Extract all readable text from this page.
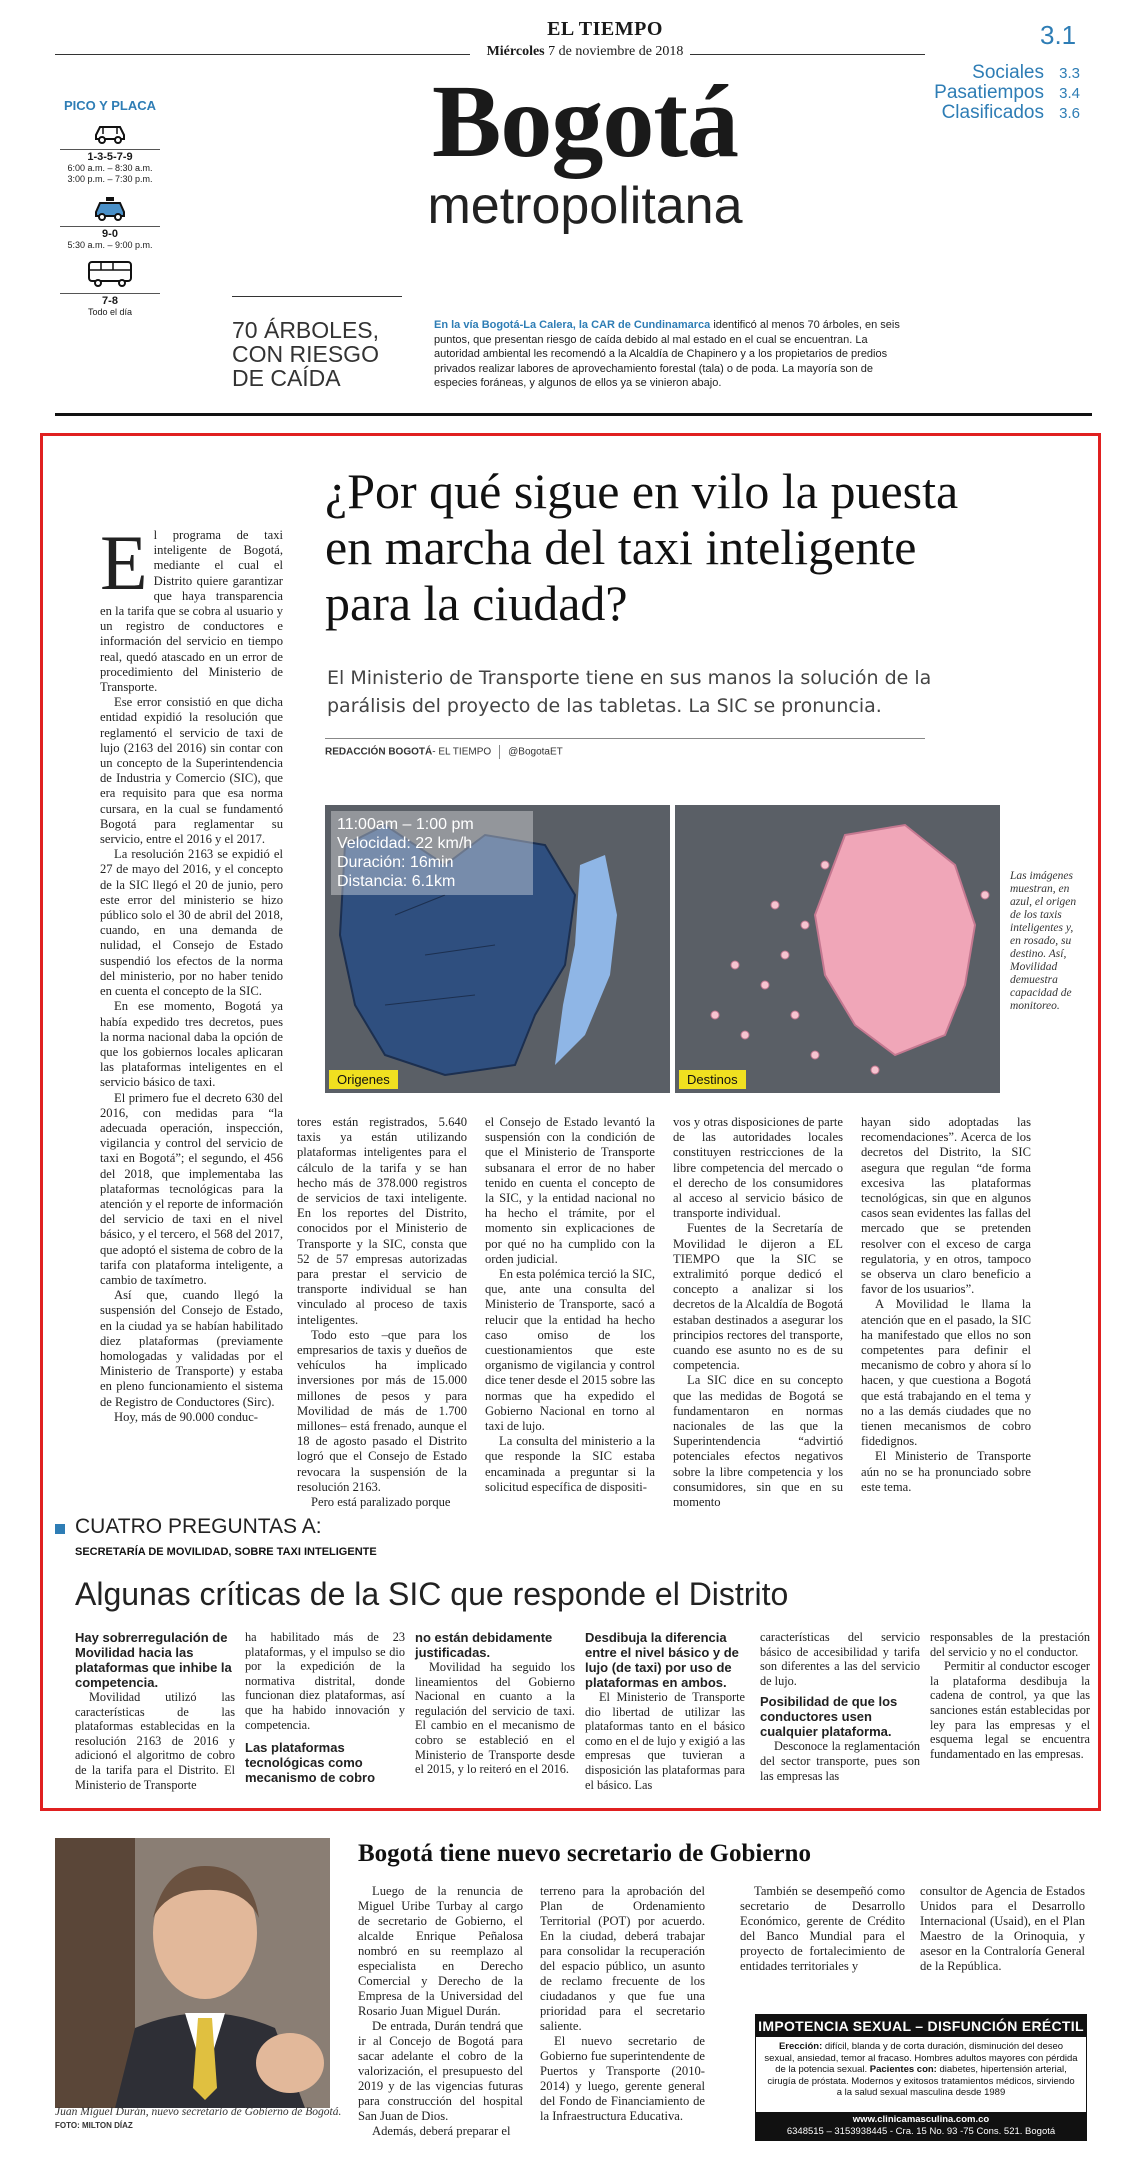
EL TIEMPO
Miércoles 7 de noviembre de 2018
3.1
Sociales	3.3
Pasatiempos	3.4
Clasificados	3.6
Bogotá
metropolitana
PICO Y PLACA
1-3-5-7-9
6:00 a.m. – 8:30 a.m.
3:00 p.m. – 7:30 p.m.
9-0
5:30 a.m. – 9:00 p.m.
7-8
Todo el día
70 ÁRBOLES, CON RIESGO DE CAÍDA
En la vía Bogotá-La Calera, la CAR de Cundinamarca identificó al menos 70 árboles, en seis puntos, que presentan riesgo de caída debido al mal estado en el cual se encuentran. La autoridad ambiental les recomendó a la Alcaldía de Chapinero y a los propietarios de predios privados realizar labores de aprovechamiento forestal (tala) o de poda. La mayoría son de especies foráneas, y algunos de ellos ya se vinieron abajo.
¿Por qué sigue en vilo la puesta en marcha del taxi inteligente para la ciudad?
El Ministerio de Transporte tiene en sus manos la solución de la parálisis del proyecto de las tabletas. La SIC se pronuncia.
REDACCIÓN BOGOTÁ- EL TIEMPO @BogotaET

El programa de taxi inteligente de Bogotá, mediante el cual el Distrito quiere garantizar que haya transparencia en la tarifa que se cobra al usuario y un registro de conductores e información del servicio en tiempo real, quedó atascado en un error de procedimiento del Ministerio de Transporte.

Ese error consistió en que dicha entidad expidió la resolución que reglamentó el servicio de taxi de lujo (2163 del 2016) sin contar con un concepto de la Superintendencia de Industria y Comercio (SIC), que era requisito para que esa norma cursara, en la cual se fundamentó Bogotá para reglamentar su servicio, entre el 2016 y el 2017.

La resolución 2163 se expidió el 27 de mayo del 2016, y el concepto de la SIC llegó el 20 de junio, pero este error del ministerio se hizo público solo el 30 de abril del 2018, cuando, en una demanda de nulidad, el Consejo de Estado suspendió los efectos de la norma del ministerio, por no haber tenido en cuenta el concepto de la SIC.

En ese momento, Bogotá ya había expedido tres decretos, pues la norma nacional daba la opción de que los gobiernos locales aplicaran las plataformas inteligentes en el servicio básico de taxi.

El primero fue el decreto 630 del 2016, con medidas para “la adecuada operación, inspección, vigilancia y control del servicio de taxi en Bogotá”; el segundo, el 456 del 2018, que implementaba las plataformas tecnológicas para la atención y el reporte de información del servicio de taxi en el nivel básico, y el tercero, el 568 del 2017, que adoptó el sistema de cobro de la tarifa con plataforma inteligente, a cambio de taxímetro.

Así que, cuando llegó la suspensión del Consejo de Estado, en la ciudad ya se habían habilitado diez plataformas (previamente homologadas y validadas por el Ministerio de Transporte) y estaba en pleno funcionamiento el sistema de Registro de Conductores (Sirc).

Hoy, más de 90.000 conduc-

11:00am – 1:00 pm
Velocidad: 22 km/h
Duración: 16min
Distancia: 6.1km
Origenes	Destinos
Las imágenes muestran, en azul, el origen de los taxis inteligentes y, en rosado, su destino. Así, Movilidad demuestra capacidad de monitoreo.

tores están registrados, 5.640 taxis ya están utilizando plataformas inteligentes para el cálculo de la tarifa y se han hecho más de 378.000 registros de servicios de taxi inteligente. En los reportes del Distrito, conocidos por el Ministerio de Transporte y la SIC, consta que 52 de 57 empresas autorizadas para prestar el servicio de transporte individual se han vinculado al proceso de taxis inteligentes.

Todo esto –que para los empresarios de taxis y dueños de vehículos ha implicado inversiones por más de 15.000 millones de pesos y para Movilidad de más de 1.700 millones– está frenado, aunque el 18 de agosto pasado el Distrito logró que el Consejo de Estado revocara la suspensión de la resolución 2163.

Pero está paralizado porque

el Consejo de Estado levantó la suspensión con la condición de que el Ministerio de Transporte subsanara el error de no haber tenido en cuenta el concepto de la SIC, y la entidad nacional no ha hecho el trámite, por el momento sin explicaciones de por qué no ha cumplido con la orden judicial.

En esta polémica terció la SIC, que, ante una consulta del Ministerio de Transporte, sacó a relucir que la entidad ha hecho caso omiso de los cuestionamientos que este organismo de vigilancia y control dice tener desde el 2015 sobre las normas que ha expedido el Gobierno Nacional en torno al taxi de lujo.

La consulta del ministerio a la que responde la SIC estaba encaminada a preguntar si la solicitud específica de dispositi-

vos y otras disposiciones de parte de las autoridades locales constituyen restricciones de la libre competencia del mercado o el derecho de los consumidores al acceso al servicio básico de transporte individual.

Fuentes de la Secretaría de Movilidad le dijeron a EL TIEMPO que la SIC se extralimitó porque dedicó el concepto a analizar si los decretos de la Alcaldía de Bogotá estaban destinados a asegurar los principios rectores del transporte, cuando ese asunto no es de su competencia.

La SIC dice en su concepto que las medidas de Bogotá se fundamentaron en normas nacionales de las que la Superintendencia “advirtió potenciales efectos negativos sobre la libre competencia y los consumidores, sin que en su momento

hayan sido adoptadas las recomendaciones”. Acerca de los decretos del Distrito, la SIC asegura que regulan “de forma excesiva las plataformas tecnológicas, sin que en algunos casos sean evidentes las fallas del mercado que se pretenden resolver con el exceso de carga regulatoria, y en otros, tampoco se observa un claro beneficio a favor de los usuarios”.

A Movilidad le llama la atención que en el pasado, la SIC ha manifestado que ellos no son competentes para definir el mecanismo de cobro y ahora sí lo hacen, y que cuestiona a Bogotá que está trabajando en el tema y no a las demás ciudades que no tienen mecanismos de cobro fidedignos.

El Ministerio de Transporte aún no se ha pronunciado sobre este tema.

CUATRO PREGUNTAS A:
SECRETARÍA DE MOVILIDAD, SOBRE TAXI INTELIGENTE
Algunas críticas de la SIC que responde el Distrito
Hay sobrerregulación de Movilidad hacia las plataformas que inhibe la competencia.

Movilidad utilizó las características de las plataformas establecidas en la resolución 2163 de 2016 y adicionó el algoritmo de cobro de la tarifa para el Distrito. El Ministerio de Transporte

ha habilitado más de 23 plataformas, y el impulso se dio por la expedición de la normativa distrital, donde funcionan diez plataformas, así que ha habido innovación y competencia.

Las plataformas tecnológicas como mecanismo de cobro
no están debidamente justificadas.

Movilidad ha seguido los lineamientos del Gobierno Nacional en cuanto a la regulación del servicio de taxi. El cambio en el mecanismo de cobro se estableció en el Ministerio de Transporte desde el 2015, y lo reiteró en el 2016.

Desdibuja la diferencia entre el nivel básico y de lujo (de taxi) por uso de plataformas en ambos.

El Ministerio de Transporte dio libertad de utilizar las plataformas tanto en el básico como en el de lujo y exigió a las empresas que tuvieran a disposición las plataformas para el básico. Las

características del servicio básico de accesibilidad y tarifa son diferentes a las del servicio de lujo.

Posibilidad de que los conductores usen cualquier plataforma.

Desconoce la reglamentación del sector transporte, pues son las empresas las

responsables de la prestación del servicio y no el conductor.

Permitir al conductor escoger la plataforma desdibuja la cadena de control, ya que las sanciones están establecidas por ley para las empresas y el esquema legal se encuentra fundamentado en las empresas.

Juan Miguel Durán, nuevo secretario de Gobierno de Bogotá. FOTO: MILTON DÍAZ
Bogotá tiene nuevo secretario de Gobierno

Luego de la renuncia de Miguel Uribe Turbay al cargo de secretario de Gobierno, el alcalde Enrique Peñalosa nombró en su reemplazo al especialista en Derecho Comercial y Derecho de la Empresa de la Universidad del Rosario Juan Miguel Durán.

De entrada, Durán tendrá que ir al Concejo de Bogotá para sacar adelante el cobro de la valorización, el presupuesto del 2019 y de las vigencias futuras para construcción del hospital San Juan de Dios.

Además, deberá preparar el

terreno para la aprobación del Plan de Ordenamiento Territorial (POT) por acuerdo. En la ciudad, deberá trabajar para consolidar la recuperación del espacio público, un asunto de reclamo frecuente de los ciudadanos y que fue una prioridad para el secretario saliente.

El nuevo secretario de Gobierno fue superintendente de Puertos y Transporte (2010-2014) y luego, gerente general del Fondo de Financiamiento de la Infraestructura Educativa.

También se desempeñó como secretario de Desarrollo Económico, gerente de Crédito del Banco Mundial para el proyecto de fortalecimiento de entidades territoriales y

consultor de Agencia de Estados Unidos para el Desarrollo Internacional (Usaid), en el Plan Maestro de la Orinoquia, y asesor en la Contraloría General de la República.

IMPOTENCIA SEXUAL – DISFUNCIÓN ERÉCTIL
Erección: difícil, blanda y de corta duración, disminución del deseo sexual, ansiedad, temor al fracaso. Hombres adultos mayores con pérdida de la potencia sexual. Pacientes con: diabetes, hipertensión arterial, cirugía de próstata. Modernos y exitosos tratamientos médicos, sirviendo a la salud sexual masculina desde 1989
www.clinicamasculina.com.co
6348515 – 3153938445 - Cra. 15 No. 93 -75 Cons. 521. Bogotá
